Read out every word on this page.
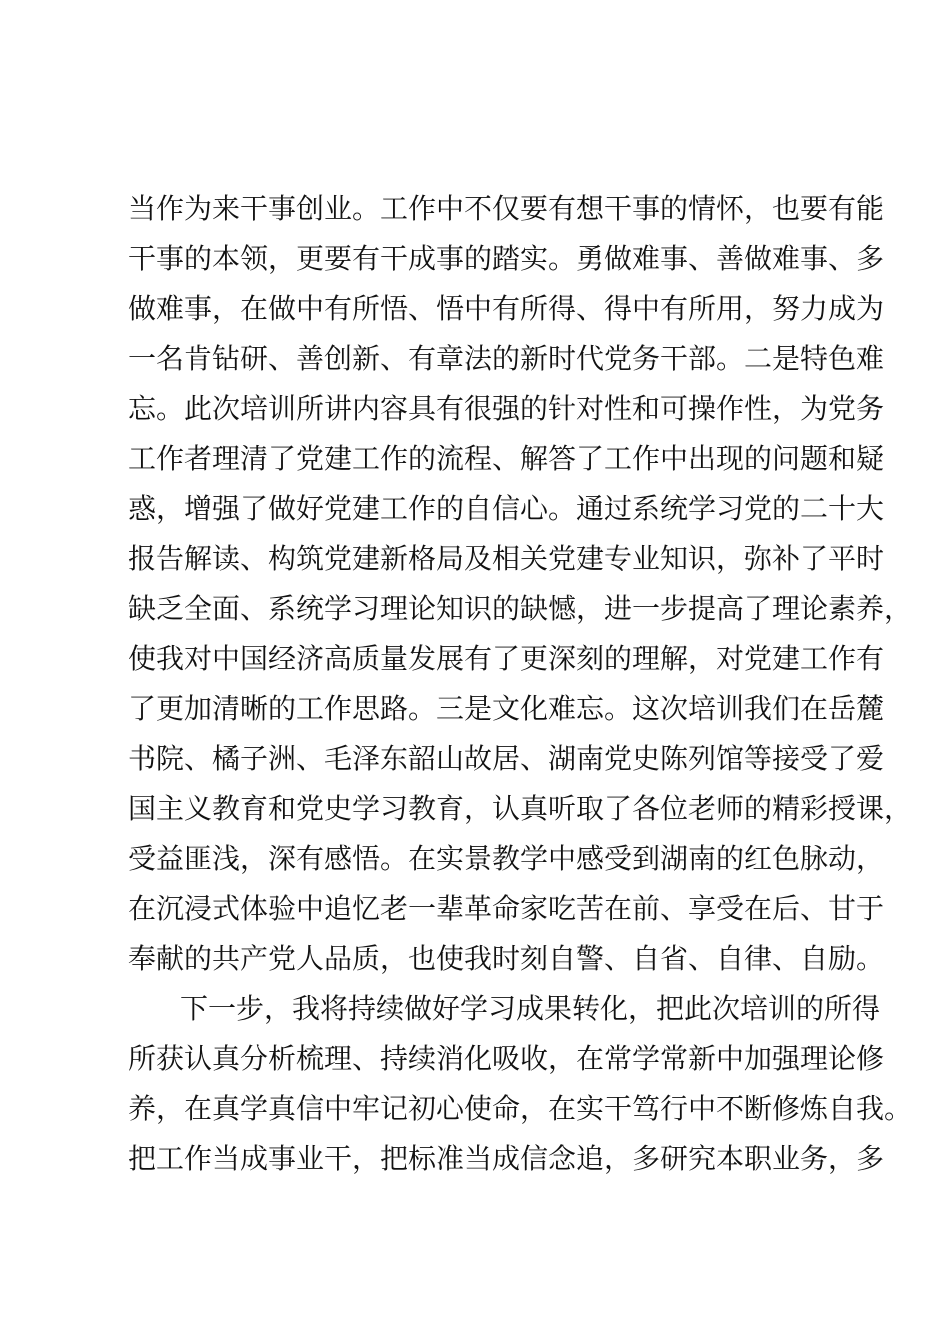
当作为来干事创业。工作中不仅要有想干事的情怀，也要有能
干事的本领，更要有干成事的踏实。勇做难事、善做难事、多
做难事，在做中有所悟、悟中有所得、得中有所用，努力成为
一名肯钻研、善创新、有章法的新时代党务干部。二是特色难
忘。此次培训所讲内容具有很强的针对性和可操作性，为党务
工作者理清了党建工作的流程、解答了工作中出现的问题和疑
惑，增强了做好党建工作的自信心。通过系统学习党的二十大
报告解读、构筑党建新格局及相关党建专业知识，弥补了平时
缺乏全面、系统学习理论知识的缺憾，进一步提高了理论素养，
使我对中国经济高质量发展有了更深刻的理解，对党建工作有
了更加清晰的工作思路。三是文化难忘。这次培训我们在岳麓
书院、橘子洲、毛泽东韶山故居、湖南党史陈列馆等接受了爱
国主义教育和党史学习教育，认真听取了各位老师的精彩授课，
受益匪浅，深有感悟。在实景教学中感受到湖南的红色脉动，
在沉浸式体验中追忆老一辈革命家吃苦在前、享受在后、甘于
奉献的共产党人品质，也使我时刻自警、自省、自律、自励。
下一步，我将持续做好学习成果转化，把此次培训的所得
所获认真分析梳理、持续消化吸收，在常学常新中加强理论修
养，在真学真信中牢记初心使命，在实干笃行中不断修炼自我。
把工作当成事业干，把标准当成信念追，多研究本职业务，多
